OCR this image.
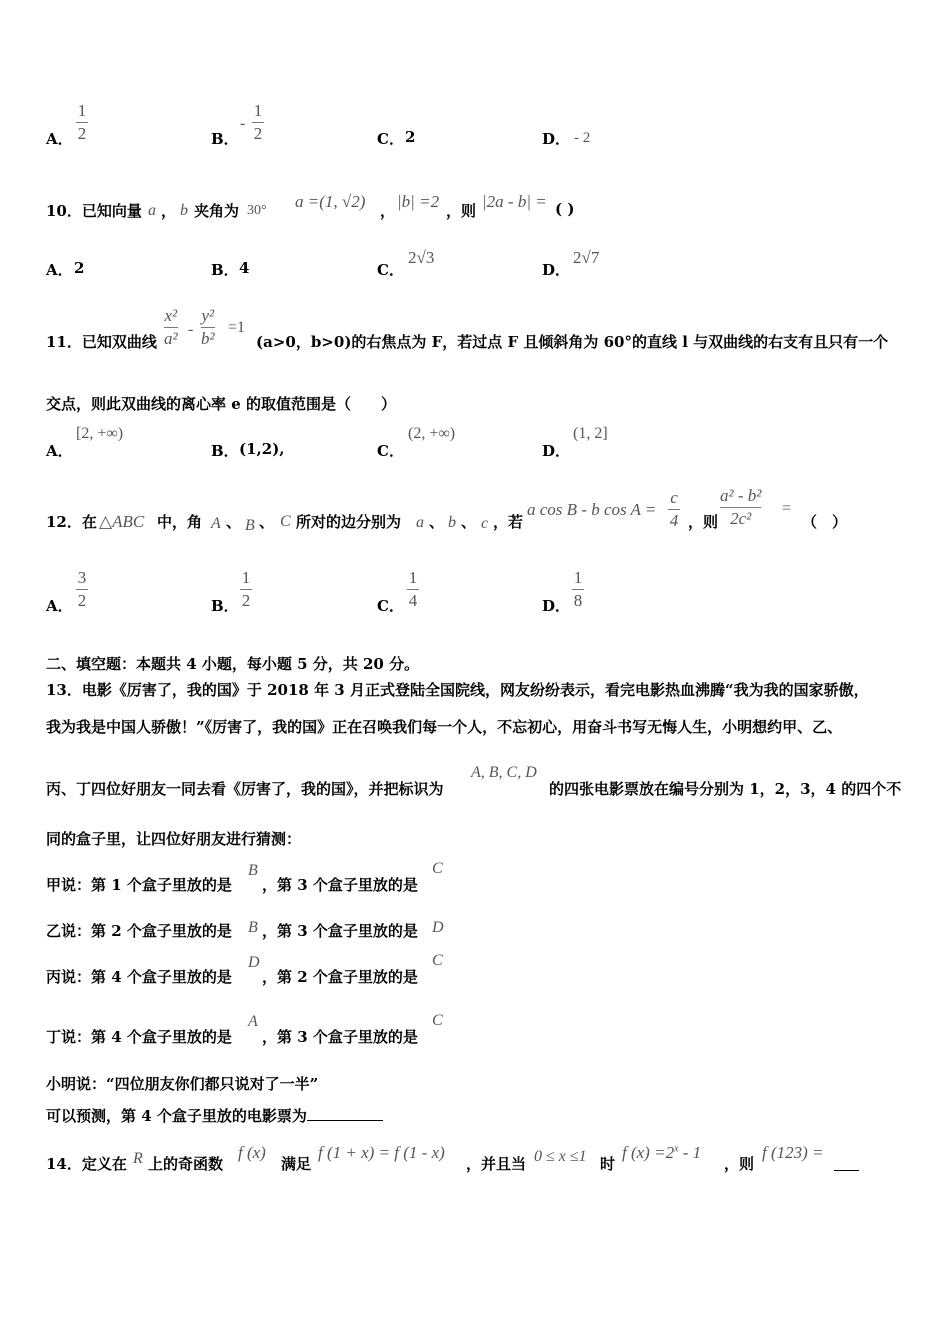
A．
1
2	B．
-
1
2	C． 2	D． - 2
10．已知向量 a ， b 夹角为 30° a =(1, √2) ， |b| =2 ，则 |2a - b| = ( )
A． 2	B． 4	C．
2√3
D．
2√7
11．已知双曲线
x²
a² -
y²
b²
=1
(a>0，b>0)的右焦点为 F，若过点 F 且倾斜角为 60°的直线 l 与双曲线的右支有且只有一个
交点，则此双曲线的离心率 e 的取值范围是（　　）
A．
[2, +∞)
B． (1,2),	C．
(2, +∞)
D．
(1, 2]
12．在 △ABC 中，角 A 、 B 、 C 所对的边分别为 a 、 b 、 c ，若
a cos B - b cos A =
c
4 ，则
a² - b²
2c²
=
（　）
A．
3
2	B．
1
2	C．
1
4	D．
1
8
二、填空题：本题共 4 小题，每小题 5 分，共 20 分。
13．电影《厉害了，我的国》于 2018 年 3 月正式登陆全国院线，网友纷纷表示，看完电影热血沸腾“我为我的国家骄傲，
我为我是中国人骄傲！”《厉害了，我的国》正在召唤我们每一个人，不忘初心，用奋斗书写无悔人生，小明想约甲、乙、
丙、丁四位好朋友一同去看《厉害了，我的国》，并把标识为
A, B, C, D
的四张电影票放在编号分别为 1，2，3，4 的四个不
同的盒子里，让四位好朋友进行猜测：
甲说：第 1 个盒子里放的是
B
，第 3 个盒子里放的是
C
乙说：第 2 个盒子里放的是 B ，第 3 个盒子里放的是 D
丙说：第 4 个盒子里放的是
D
，第 2 个盒子里放的是
C
丁说：第 4 个盒子里放的是
A
，第 3 个盒子里放的是
C
小明说：“四位朋友你们都只说对了一半”
可以预测，第 4 个盒子里放的电影票为
14．定义在 R 上的奇函数
f (x)
满足
f (1 + x) = f (1 - x)
，并且当 0 ≤ x ≤1 时
f $(x) =2^x - 1$
，则
f (123) =
